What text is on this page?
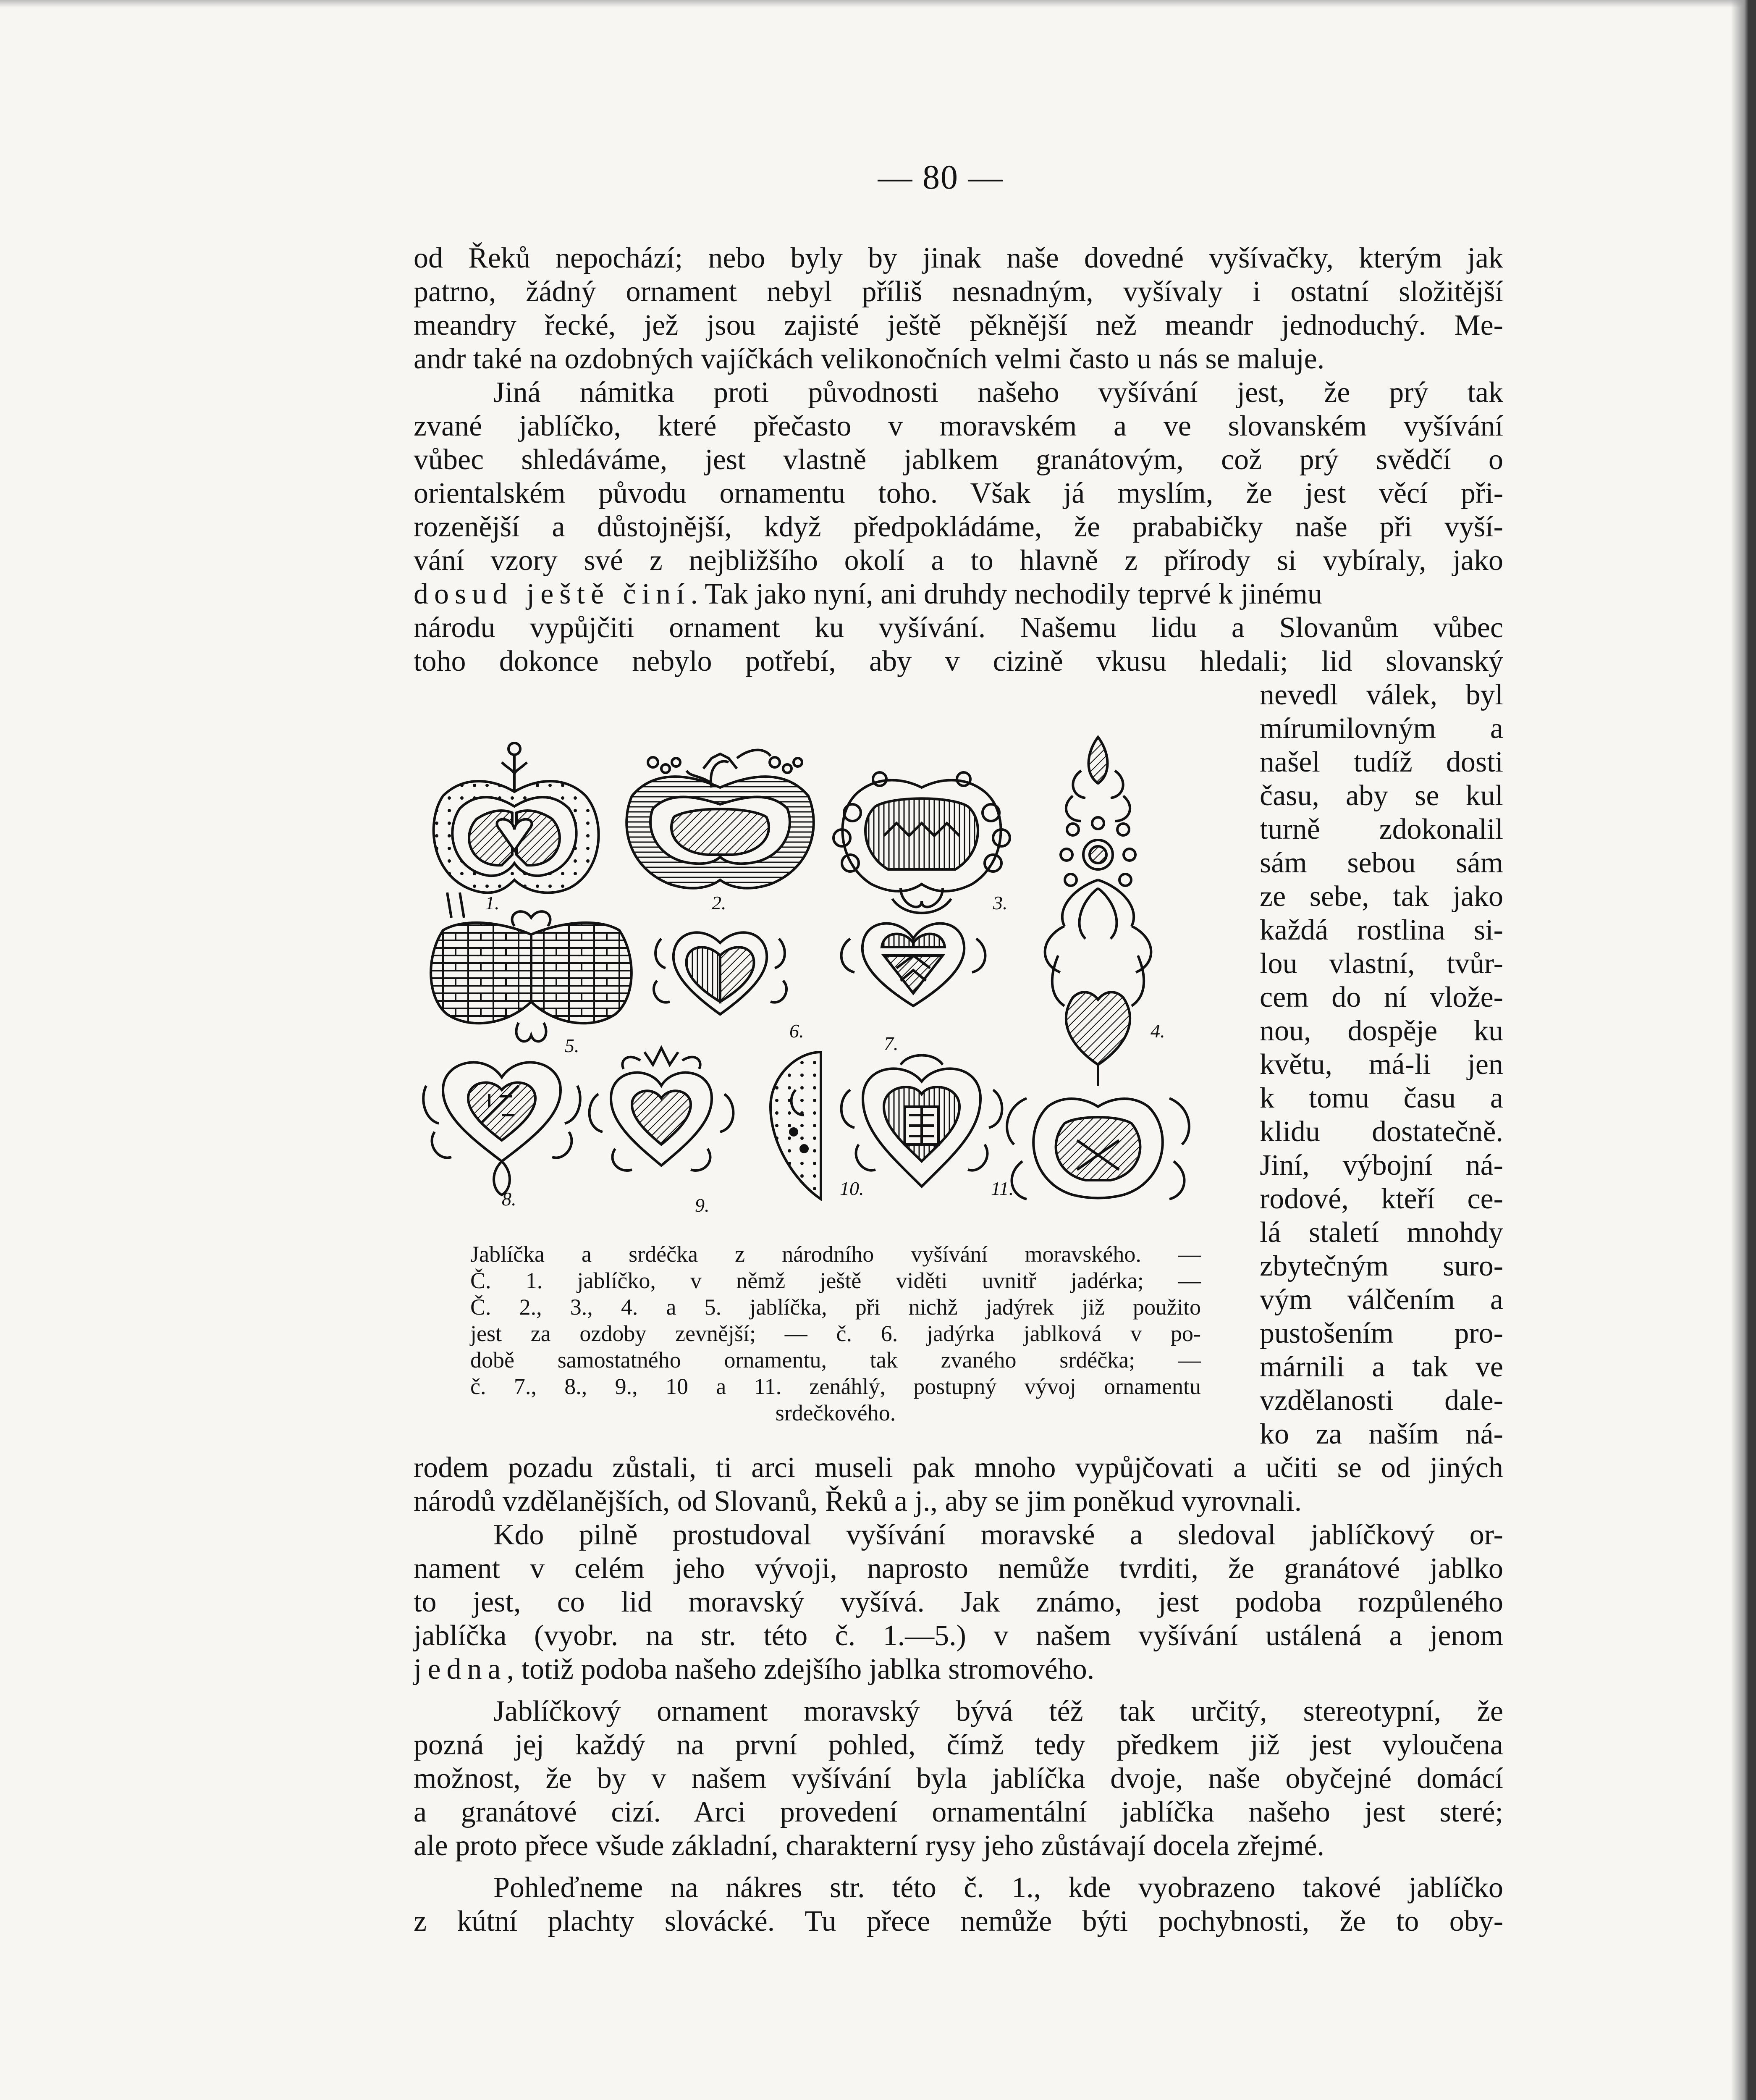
— 80 —
od Řeků nepochází; nebo byly by jinak naše dovedné vyšívačky, kterým jak
patrno, žádný ornament nebyl příliš nesnadným, vyšívaly i ostatní složitější
meandry řecké, jež jsou zajisté ještě pěknější než meandr jednoduchý. Me-
andr také na ozdobných vajíčkách velikonočních velmi často u nás se maluje.
Jiná námitka proti původnosti našeho vyšívání jest, že prý tak
zvané jablíčko, které přečasto v moravském a ve slovanském vyšívání
vůbec shledáváme, jest vlastně jablkem granátovým, což prý svědčí o
orientalském původu ornamentu toho. Však já myslím, že jest věcí při-
rozenější a důstojnější, když předpokládáme, že prababičky naše při vyší-
vání vzory své z nejbližšího okolí a to hlavně z přírody si vybíraly, jako
dosud ještě činí. Tak jako nyní, ani druhdy nechodily teprvé k jinému
národu vypůjčiti ornament ku vyšívání. Našemu lidu a Slovanům vůbec
toho dokonce nebylo potřebí, aby v cizině vkusu hledali; lid slovanský
nevedl válek, byl
mírumilovným a
našel tudíž dosti
času, aby se kul
turně zdokonalil
sám sebou sám
ze sebe, tak jako
každá rostlina si-
lou vlastní, tvůr-
cem do ní vlože-
nou, dospěje ku
květu, má-li jen
k tomu času a
klidu dostatečně.
Jiní, výbojní ná-
rodové, kteří ce-
lá staletí mnohdy
zbytečným suro-
vým válčením a
pustošením pro-
márnili a tak ve
vzdělanosti dale-
ko za naším ná-
1.	2.	3.
4.
5.
6.
7.
8.	9.
10.	11.
Jablíčka a srdéčka z národního vyšívání moravského. —
Č. 1. jablíčko, v němž ještě viděti uvnitř jadérka; —
Č. 2., 3., 4. a 5. jablíčka, při nichž jadýrek již použito
jest za ozdoby zevnější; — č. 6. jadýrka jablková v po-
době samostatného ornamentu, tak zvaného srdéčka; —
č. 7., 8., 9., 10 a 11. zenáhlý, postupný vývoj ornamentu
srdečkového.
rodem pozadu zůstali, ti arci museli pak mnoho vypůjčovati a učiti se od jiných
národů vzdělanějších, od Slovanů, Řeků a j., aby se jim poněkud vyrovnali.
Kdo pilně prostudoval vyšívání moravské a sledoval jablíčkový or-
nament v celém jeho vývoji, naprosto nemůže tvrditi, že granátové jablko
to jest, co lid moravský vyšívá. Jak známo, jest podoba rozpůleného
jablíčka (vyobr. na str. této č. 1.—5.) v našem vyšívání ustálená a jenom
jedna, totiž podoba našeho zdejšího jablka stromového.
Jablíčkový ornament moravský bývá též tak určitý, stereotypní, že
pozná jej každý na první pohled, čímž tedy předkem již jest vyloučena
možnost, že by v našem vyšívání byla jablíčka dvoje, naše obyčejné domácí
a granátové cizí. Arci provedení ornamentální jablíčka našeho jest steré;
ale proto přece všude základní, charakterní rysy jeho zůstávají docela zřejmé.
Pohleďneme na nákres str. této č. 1., kde vyobrazeno takové jablíčko
z kútní plachty slovácké. Tu přece nemůže býti pochybnosti, že to oby-
